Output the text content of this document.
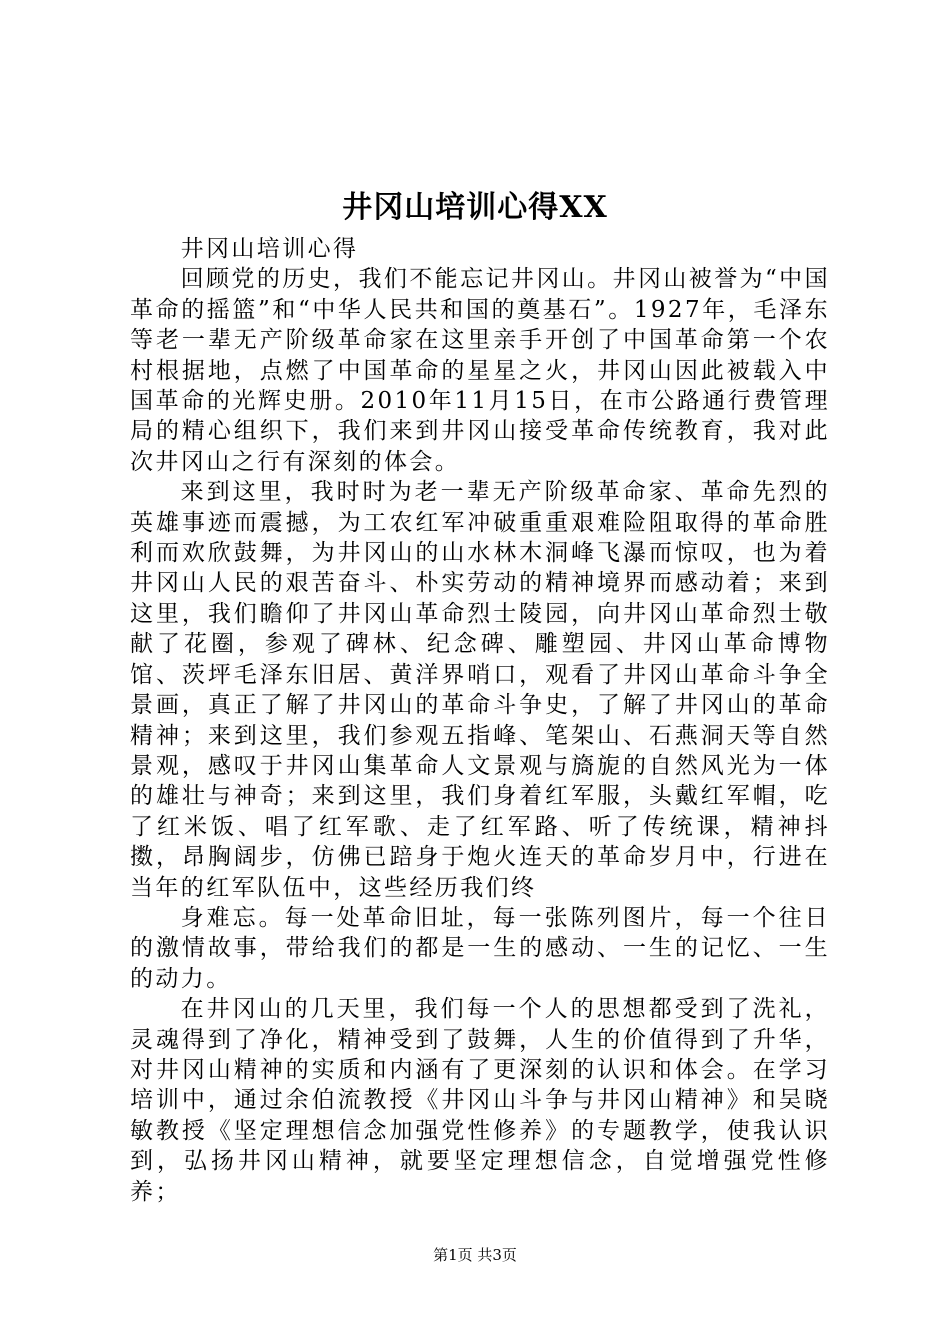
井冈山培训心得XX

井冈山培训心得

回顾党的历史，我们不能忘记井冈山。井冈山被誉为“中国革命的摇篮”和“中华人民共和国的奠基石”。1927年，毛泽东等老一辈无产阶级革命家在这里亲手开创了中国革命第一个农村根据地，点燃了中国革命的星星之火，井冈山因此被载入中国革命的光辉史册。2010年11月15日，在市公路通行费管理局的精心组织下，我们来到井冈山接受革命传统教育，我对此次井冈山之行有深刻的体会。

来到这里，我时时为老一辈无产阶级革命家、革命先烈的英雄事迹而震撼，为工农红军冲破重重艰难险阻取得的革命胜利而欢欣鼓舞，为井冈山的山水林木洞峰飞瀑而惊叹，也为着井冈山人民的艰苦奋斗、朴实劳动的精神境界而感动着；来到这里，我们瞻仰了井冈山革命烈士陵园，向井冈山革命烈士敬献了花圈，参观了碑林、纪念碑、雕塑园、井冈山革命博物馆、茨坪毛泽东旧居、黄洋界哨口，观看了井冈山革命斗争全景画，真正了解了井冈山的革命斗争史，了解了井冈山的革命精神；来到这里，我们参观五指峰、笔架山、石燕洞天等自然景观，感叹于井冈山集革命人文景观与旖旎的自然风光为一体的雄壮与神奇；来到这里，我们身着红军服，头戴红军帽，吃了红米饭、唱了红军歌、走了红军路、听了传统课，精神抖擞，昂胸阔步，仿佛已踣身于炮火连天的革命岁月中，行进在当年的红军队伍中，这些经历我们终

身难忘。每一处革命旧址，每一张陈列图片，每一个往日的激情故事，带给我们的都是一生的感动、一生的记忆、一生的动力。

在井冈山的几天里，我们每一个人的思想都受到了洗礼，灵魂得到了净化，精神受到了鼓舞，人生的价值得到了升华，对井冈山精神的实质和内涵有了更深刻的认识和体会。在学习培训中，通过余伯流教授《井冈山斗争与井冈山精神》和吴晓敏教授《坚定理想信念加强党性修养》的专题教学，使我认识到，弘扬井冈山精神，就要坚定理想信念，自觉增强党性修养；

第1页 共3页
